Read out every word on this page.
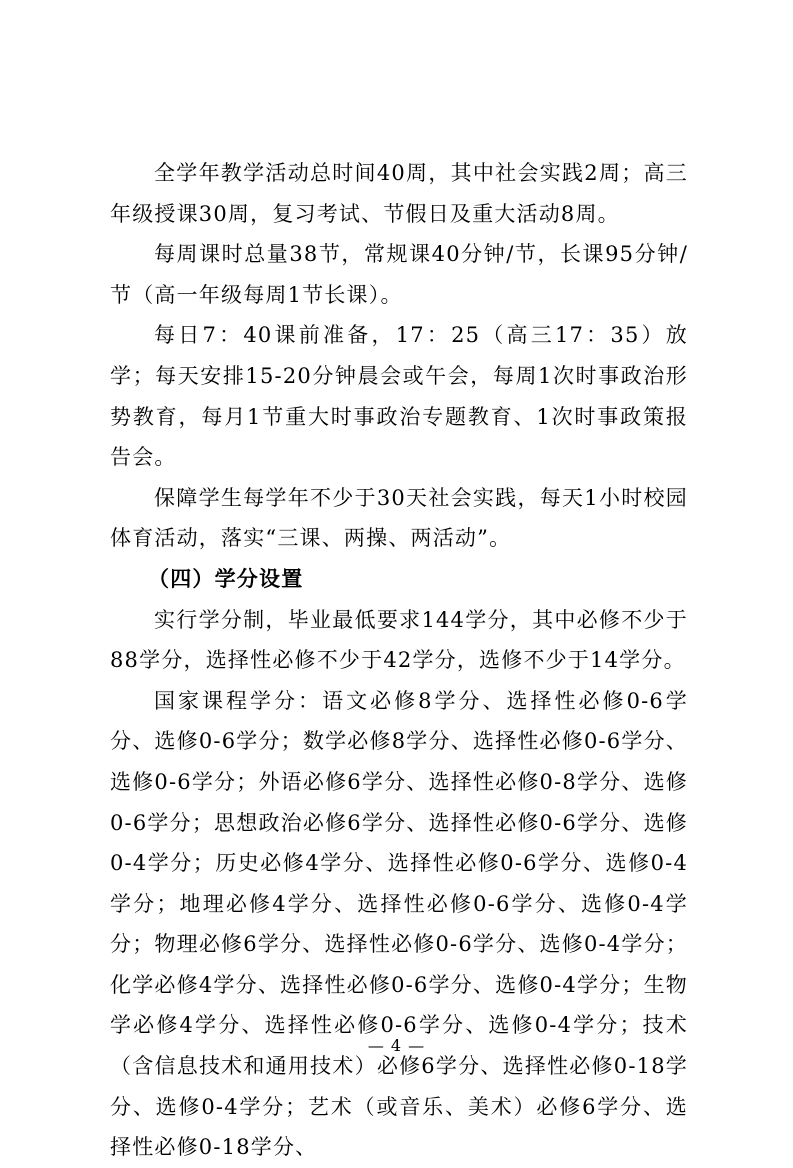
全学年教学活动总时间40周，其中社会实践2周；高三年级授课30周，复习考试、节假日及重大活动8周。

每周课时总量38节，常规课40分钟/节，长课95分钟/节（高一年级每周1节长课）。

每日7：40课前准备，17：25（高三17：35）放学；每天安排15-20分钟晨会或午会，每周1次时事政治形势教育，每月1节重大时事政治专题教育、1次时事政策报告会。

保障学生每学年不少于30天社会实践，每天1小时校园体育活动，落实“三课、两操、两活动”。

（四）学分设置

实行学分制，毕业最低要求144学分，其中必修不少于88学分，选择性必修不少于42学分，选修不少于14学分。

国家课程学分：语文必修8学分、选择性必修0-6学分、选修0-6学分；数学必修8学分、选择性必修0-6学分、选修0-6学分；外语必修6学分、选择性必修0-8学分、选修0-6学分；思想政治必修6学分、选择性必修0-6学分、选修0-4学分；历史必修4学分、选择性必修0-6学分、选修0-4学分；地理必修4学分、选择性必修0-6学分、选修0-4学分；物理必修6学分、选择性必修0-6学分、选修0-4学分；化学必修4学分、选择性必修0-6学分、选修0-4学分；生物学必修4学分、选择性必修0-6学分、选修0-4学分；技术（含信息技术和通用技术）必修6学分、选择性必修0-18学分、选修0-4学分；艺术（或音乐、美术）必修6学分、选择性必修0-18学分、

— 4 —
